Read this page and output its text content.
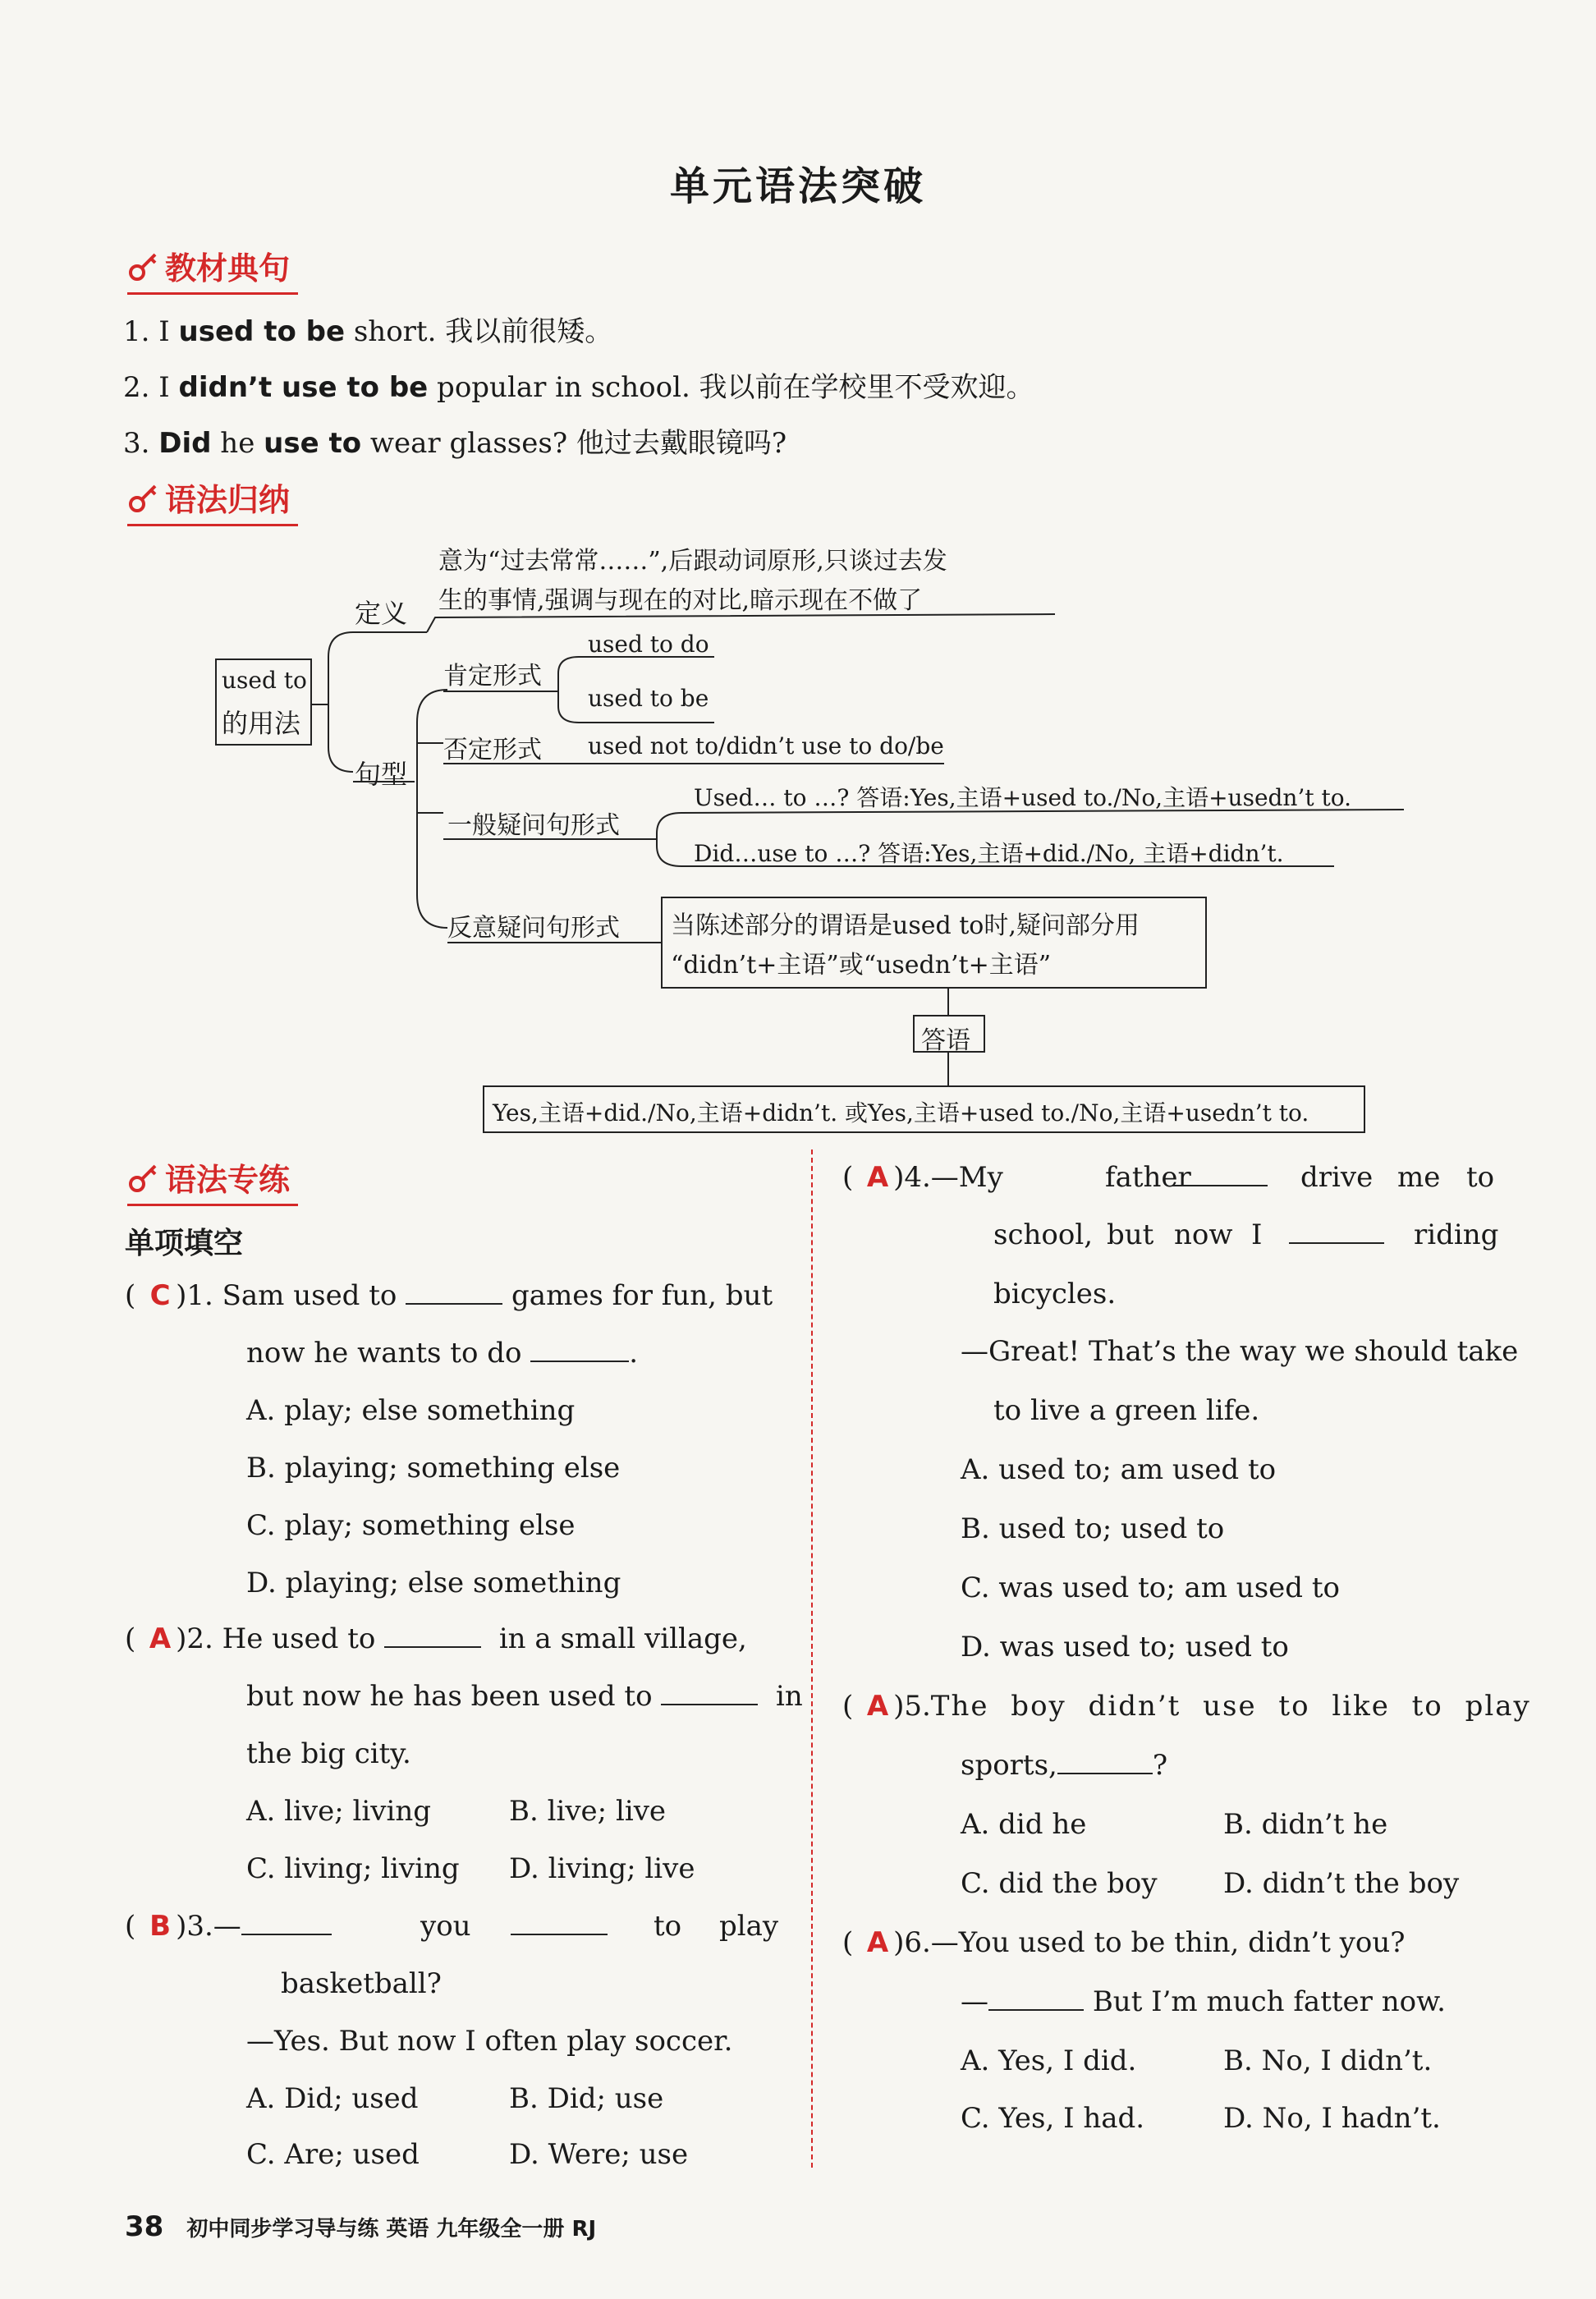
单元语法突破
教材典句
1. I used to be short. 我以前很矮。
2. I didn’t use to be popular in school. 我以前在学校里不受欢迎。
3. Did he use to wear glasses? 他过去戴眼镜吗?
语法归纳
used to
的用法
定义
意为“过去常常……”,后跟动词原形,只谈过去发
生的事情,强调与现在的对比,暗示现在不做了
句型
肯定形式
used to do
used to be
否定形式 used not to/didn’t use to do/be
一般疑问句形式
Used… to …? 答语:Yes,主语+used to./No,主语+usedn’t to.
Did…use to …? 答语:Yes,主语+did./No, 主语+didn’t.
反意疑问句形式 当陈述部分的谓语是used to时,疑问部分用
“didn’t+主语”或“usedn’t+主语”
答语
Yes,主语+did./No,主语+didn’t. 或Yes,主语+used to./No,主语+usedn’t to.
语法专练
单项填空
( C )1. Sam used to	games for fun, but
now he wants to do	.
A. play; else something
B. playing; something else
C. play; something else
D. playing; else something
( A )2. He used to	in a small village,
but now he has been used to	in
the big city.
A. live; living	B. live; live
C. living; living D. living; live
( B )3.—	you	to play
basketball?
—Yes. But now I often play soccer.
A. Did; used	B. Did; use
C. Are; used	D. Were; use
( A )4.—My	father	drive me to
school, but now I	riding
bicycles.
—Great! That’s the way we should take
to live a green life.
A. used to; am used to
B. used to; used to
C. was used to; am used to
D. was used to; used to
( A )5.The boy didn’t use to like to play
sports,	?
A. did he	B. didn’t he
C. did the boy D. didn’t the boy
( A )6.—You used to be thin, didn’t you?
—	But I’m much fatter now.
A. Yes, I did.	B. No, I didn’t.
C. Yes, I had.	D. No, I hadn’t.
38 初中同步学习导与练 英语 九年级全一册 RJ
